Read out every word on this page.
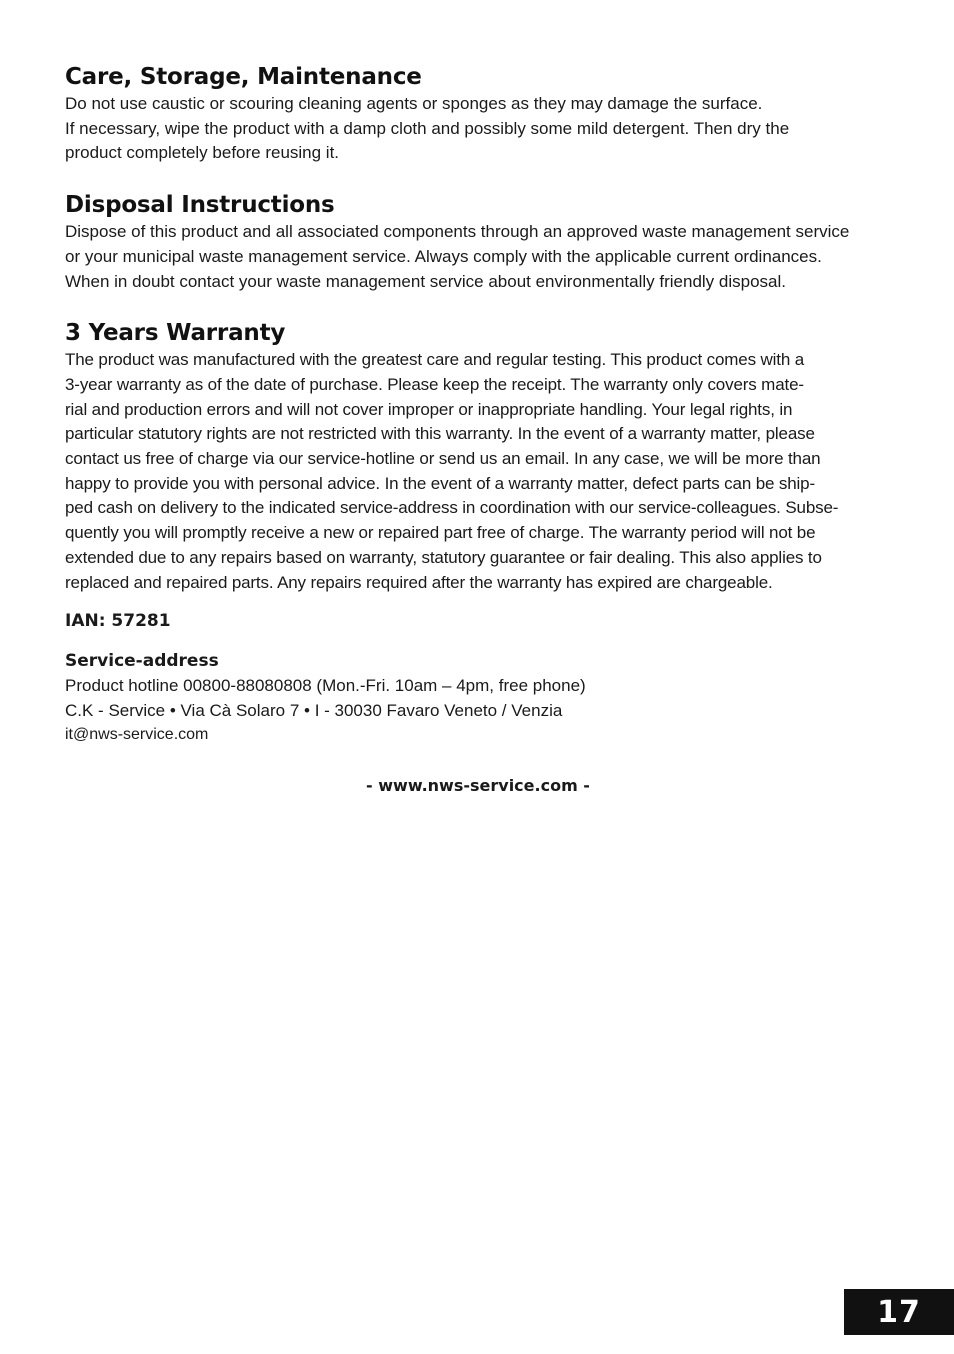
Care, Storage, Maintenance

Do not use caustic or scouring cleaning agents or sponges as they may damage the surface.
If necessary, wipe the product with a damp cloth and possibly some mild detergent. Then dry the
product completely before reusing it.

Disposal Instructions

Dispose of this product and all associated components through an approved waste management service
or your municipal waste management service. Always comply with the applicable current ordinances.
When in doubt contact your waste management service about environmentally friendly disposal.

3 Years Warranty

The product was manufactured with the greatest care and regular testing. This product comes with a
3-year warranty as of the date of purchase. Please keep the receipt. The warranty only covers mate-
rial and production errors and will not cover improper or inappropriate handling. Your legal rights, in
particular statutory rights are not restricted with this warranty. In the event of a warranty matter, please
contact us free of charge via our service-hotline or send us an email. In any case, we will be more than
happy to provide you with personal advice. In the event of a warranty matter, defect parts can be ship-
ped cash on delivery to the indicated service-address in coordination with our service-colleagues. Subse-
quently you will promptly receive a new or repaired part free of charge. The warranty period will not be
extended due to any repairs based on warranty, statutory guarantee or fair dealing. This also applies to
replaced and repaired parts. Any repairs required after the warranty has expired are chargeable.

IAN: 57281
Service-address
Product hotline 00800-88080808 (Mon.-Fri. 10am – 4pm, free phone)
C.K - Service • Via Cà Solaro 7 • I - 30030 Favaro Veneto / Venzia
it@nws-service.com
- www.nws-service.com -
17
